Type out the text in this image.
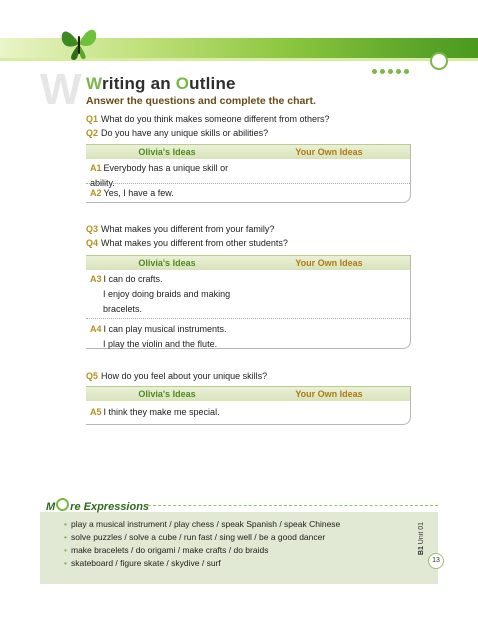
W Writing an Outline
Answer the questions and complete the chart.
Q1 What do you think makes someone different from others?
Q2 Do you have any unique skills or abilities?
Olivia's Ideas	Your Own Ideas
A1 Everybody has a unique skill or ability.
A2 Yes, I have a few.
Q3 What makes you different from your family?
Q4 What makes you different from other students?
Olivia's Ideas	Your Own Ideas
A3 I can do crafts.
I enjoy doing braids and making
bracelets.
A4 I can play musical instruments.
I play the violin and the flute.
Q5 How do you feel about your unique skills?
Olivia's Ideas	Your Own Ideas
A5 I think they make me special.
M re Expressions
• play a musical instrument / play chess / speak Spanish / speak Chinese
• solve puzzles / solve a cube / run fast / sing well / be a good dancer
• make bracelets / do origami / make crafts / do braids
• skateboard / figure skate / skydive / surf
B1 Unit 01
13
